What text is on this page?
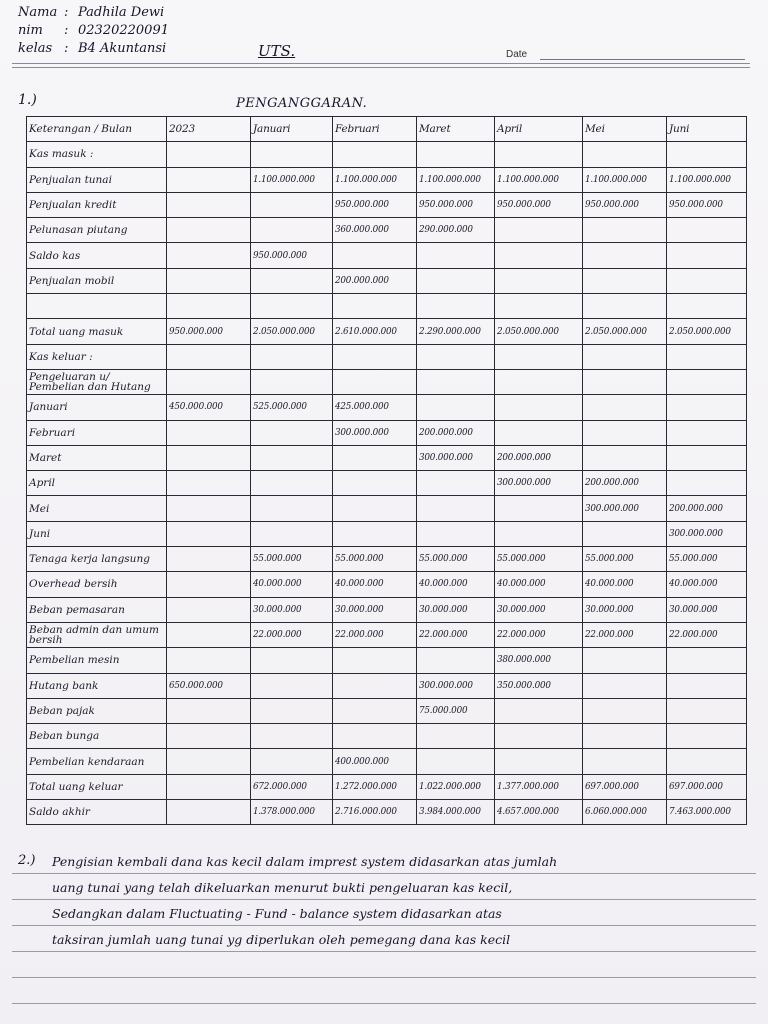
Nama : Padhila Dewi
nim : 02320220091
kelas : B4 Akuntansi	UTS.	Date
1.)	PENGANGGARAN.
Keterangan / Bulan	2023	Januari	Februari	Maret	April	Mei	Juni
Kas masuk :							
Penjualan tunai		1.100.000.000	1.100.000.000	1.100.000.000	1.100.000.000	1.100.000.000	1.100.000.000
Penjualan kredit			950.000.000	950.000.000	950.000.000	950.000.000	950.000.000
Pelunasan piutang			360.000.000	290.000.000			
Saldo kas		950.000.000					
Penjualan mobil			200.000.000				

Total uang masuk	950.000.000	2.050.000.000	2.610.000.000	2.290.000.000	2.050.000.000	2.050.000.000	2.050.000.000
Kas keluar :							
Pengeluaran u/ Pembelian dan Hutang							
Januari	450.000.000	525.000.000	425.000.000				
Februari			300.000.000	200.000.000			
Maret				300.000.000	200.000.000		
April					300.000.000	200.000.000	
Mei						300.000.000	200.000.000
Juni							300.000.000
Tenaga kerja langsung		55.000.000	55.000.000	55.000.000	55.000.000	55.000.000	55.000.000
Overhead bersih		40.000.000	40.000.000	40.000.000	40.000.000	40.000.000	40.000.000
Beban pemasaran		30.000.000	30.000.000	30.000.000	30.000.000	30.000.000	30.000.000
Beban admin dan umum bersih		22.000.000	22.000.000	22.000.000	22.000.000	22.000.000	22.000.000
Pembelian mesin					380.000.000		
Hutang bank	650.000.000			300.000.000	350.000.000		
Beban pajak				75.000.000			
Beban bunga							
Pembelian kendaraan			400.000.000				
Total uang keluar		672.000.000	1.272.000.000	1.022.000.000	1.377.000.000	697.000.000	697.000.000
Saldo akhir		1.378.000.000	2.716.000.000	3.984.000.000	4.657.000.000	6.060.000.000	7.463.000.000
2.) Pengisian kembali dana kas kecil dalam imprest system didasarkan atas jumlah
uang tunai yang telah dikeluarkan menurut bukti pengeluaran kas kecil,
Sedangkan dalam Fluctuating - Fund - balance system didasarkan atas
taksiran jumlah uang tunai yg diperlukan oleh pemegang dana kas kecil
